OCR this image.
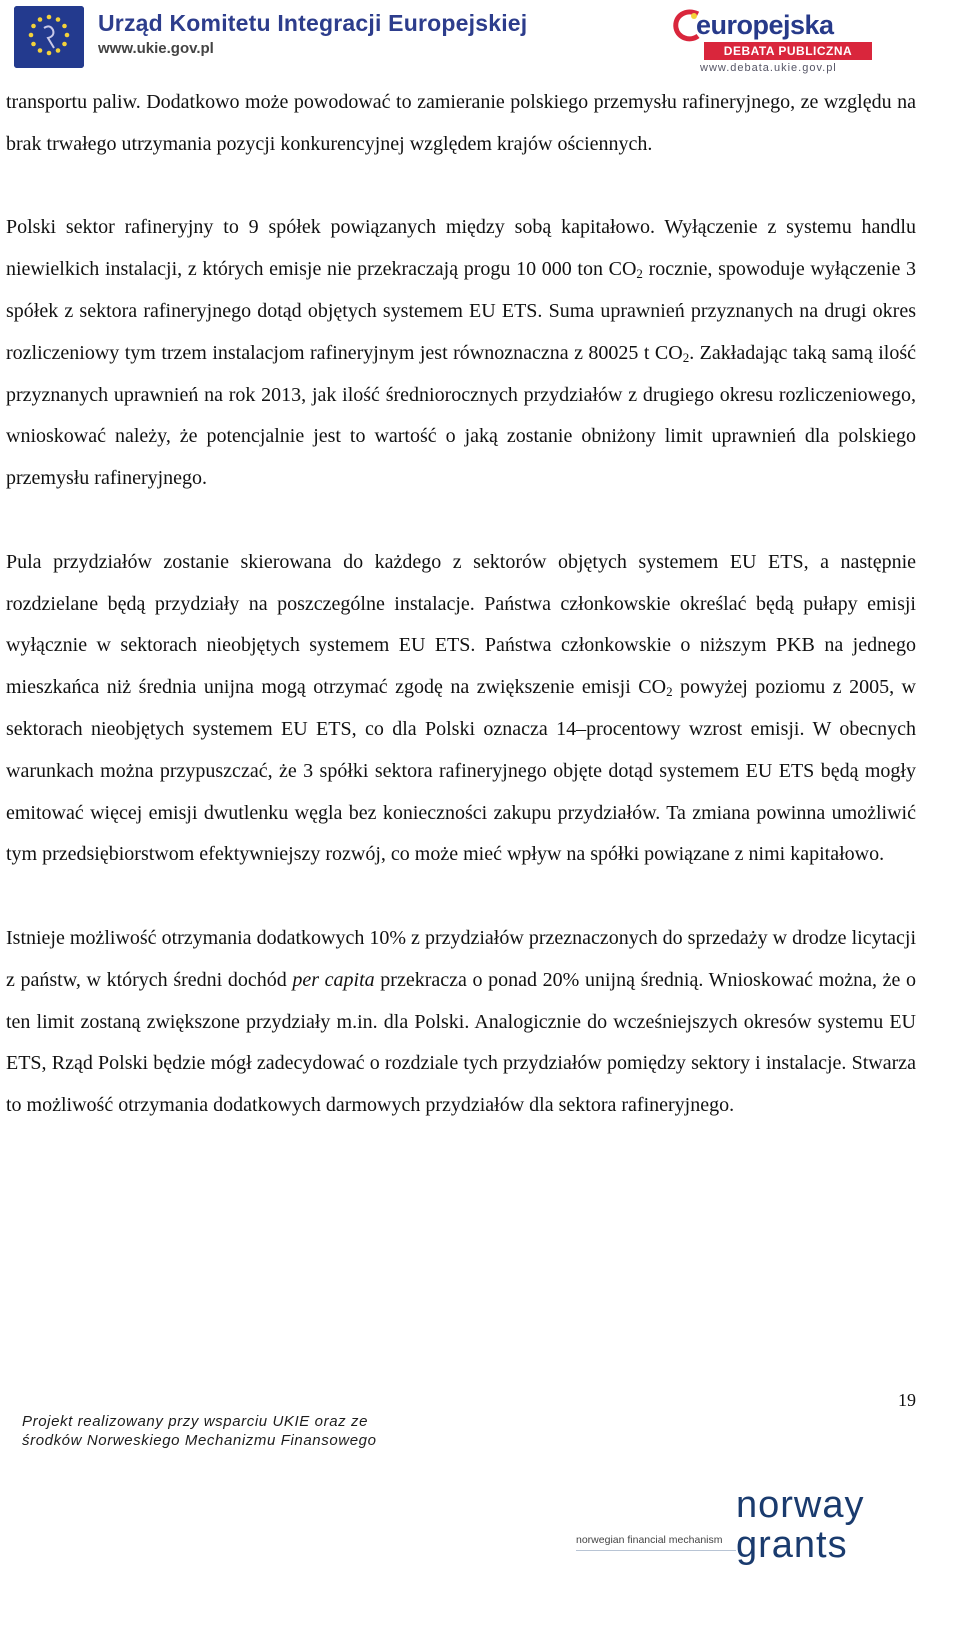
Urząd Komitetu Integracji Europejskiej
www.ukie.gov.pl
europejska
DEBATA PUBLICZNA
www.debata.ukie.gov.pl

transportu paliw. Dodatkowo może powodować to zamieranie polskiego przemysłu rafineryjnego, ze względu na brak trwałego utrzymania pozycji konkurencyjnej względem krajów ościennych.

Polski sektor rafineryjny to 9 spółek powiązanych między sobą kapitałowo. Wyłączenie z systemu handlu niewielkich instalacji, z których emisje nie przekraczają progu 10 000 ton $CO_2$ rocznie, spowoduje wyłączenie 3 spółek z sektora rafineryjnego dotąd objętych systemem EU ETS. Suma uprawnień przyznanych na drugi okres rozliczeniowy tym trzem instalacjom rafineryjnym jest równoznaczna z 80025 t $CO_2$. Zakładając taką samą ilość przyznanych uprawnień na rok 2013, jak ilość średniorocznych przydziałów z drugiego okresu rozliczeniowego, wnioskować należy, że potencjalnie jest to wartość o jaką zostanie obniżony limit uprawnień dla polskiego przemysłu rafineryjnego.

Pula przydziałów zostanie skierowana do każdego z sektorów objętych systemem EU ETS, a następnie rozdzielane będą przydziały na poszczególne instalacje. Państwa członkowskie określać będą pułapy emisji wyłącznie w sektorach nieobjętych systemem EU ETS. Państwa członkowskie o niższym PKB na jednego mieszkańca niż średnia unijna mogą otrzymać zgodę na zwiększenie emisji $CO_2$ powyżej poziomu z 2005, w sektorach nieobjętych systemem EU ETS, co dla Polski oznacza 14–procentowy wzrost emisji. W obecnych warunkach można przypuszczać, że 3 spółki sektora rafineryjnego objęte dotąd systemem EU ETS będą mogły emitować więcej emisji dwutlenku węgla bez konieczności zakupu przydziałów. Ta zmiana powinna umożliwić tym przedsiębiorstwom efektywniejszy rozwój, co może mieć wpływ na spółki powiązane z nimi kapitałowo.

Istnieje możliwość otrzymania dodatkowych 10% z przydziałów przeznaczonych do sprzedaży w drodze licytacji z państw, w których średni dochód per capita przekracza o ponad 20% unijną średnią. Wnioskować można, że o ten limit zostaną zwiększone przydziały m.in. dla Polski. Analogicznie do wcześniejszych okresów systemu EU ETS, Rząd Polski będzie mógł zadecydować o rozdziale tych przydziałów pomiędzy sektory i instalacje. Stwarza to możliwość otrzymania dodatkowych darmowych przydziałów dla sektora rafineryjnego.

19
Projekt realizowany przy wsparciu UKIE oraz ze
środków Norweskiego Mechanizmu Finansowego
norwegian financial mechanism
norway
grants
